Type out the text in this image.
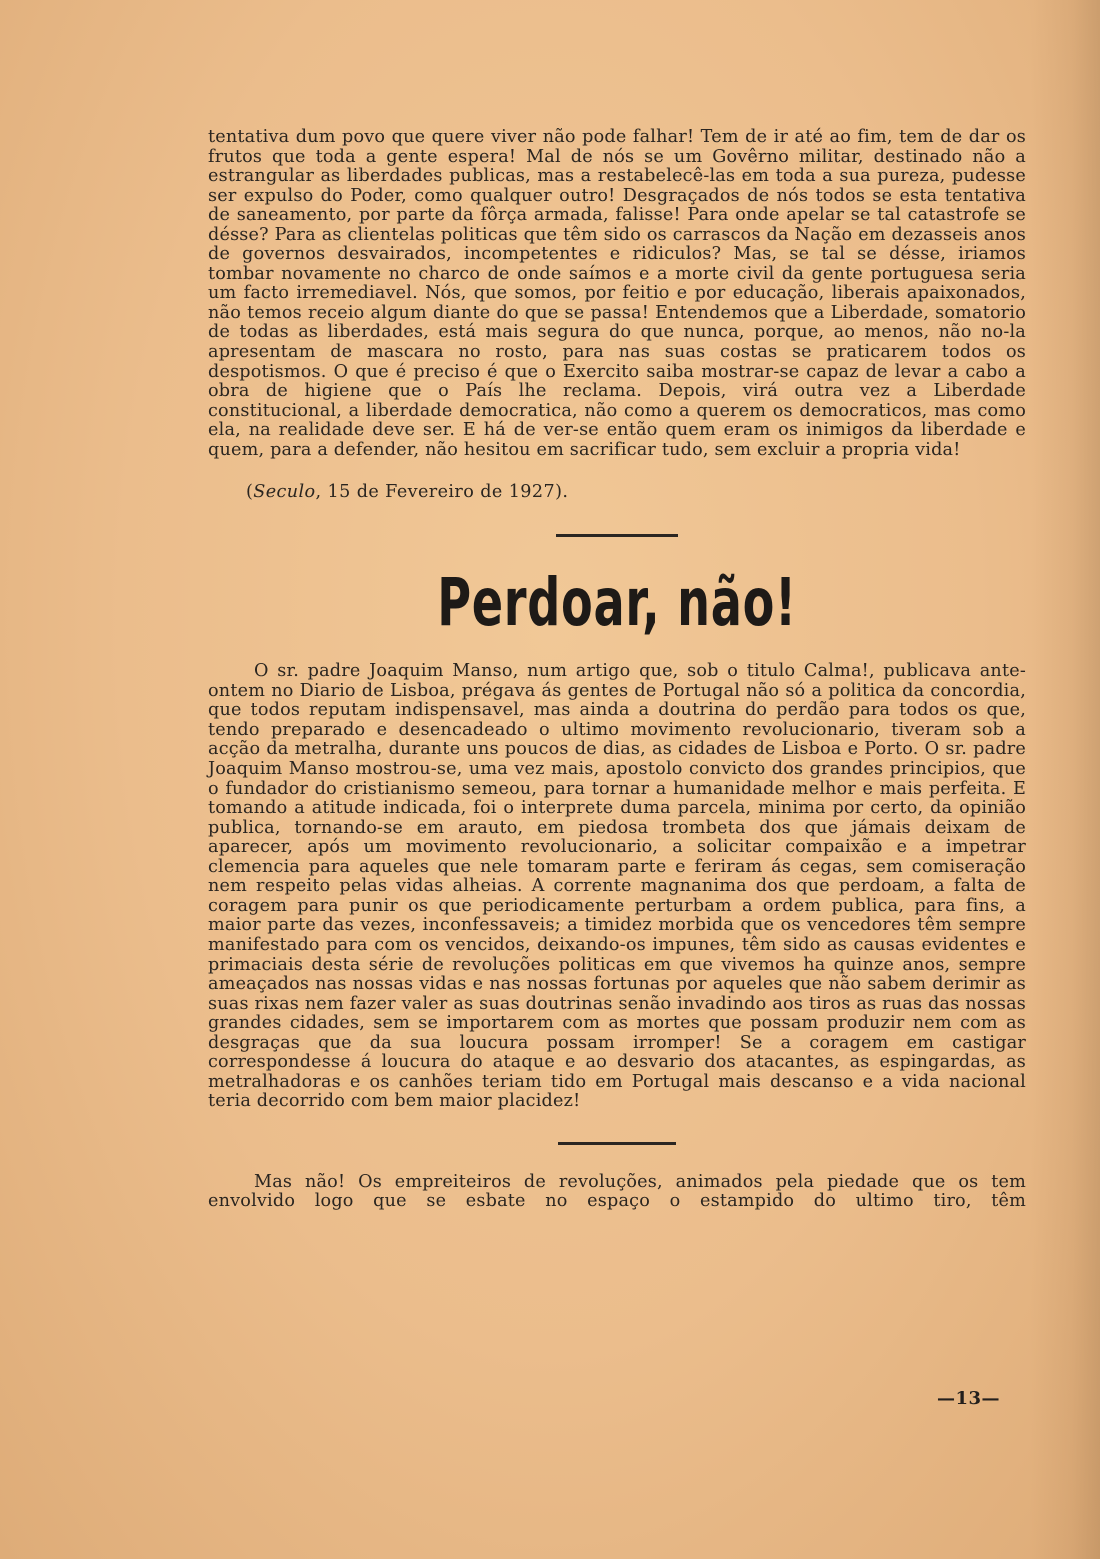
tentativa dum povo que quere viver não pode falhar! Tem de ir até ao fim, tem de dar os frutos que toda a gente espera! Mal de nós se um Govêrno militar, destinado não a estrangular as liberdades publicas, mas a restabelecê-las em toda a sua pureza, pudesse ser expulso do Poder, como qualquer outro! Desgraçados de nós todos se esta tentativa de saneamento, por parte da fôrça armada, falisse! Para onde apelar se tal catastrofe se désse? Para as clientelas politicas que têm sido os carrascos da Nação em dezasseis anos de governos desvairados, incompetentes e ridiculos? Mas, se tal se désse, iriamos tombar novamente no charco de onde saímos e a morte civil da gente portuguesa seria um facto irremediavel. Nós, que somos, por feitio e por educação, liberais apaixonados, não temos receio algum diante do que se passa! Entendemos que a Liberdade, somatorio de todas as liberdades, está mais segura do que nunca, porque, ao menos, não no-la apresentam de mascara no rosto, para nas suas costas se praticarem todos os despotismos. O que é preciso é que o Exercito saiba mostrar-se capaz de levar a cabo a obra de higiene que o País lhe reclama. Depois, virá outra vez a Liberdade constitucional, a liberdade democratica, não como a querem os democraticos, mas como ela, na realidade deve ser. E há de ver-se então quem eram os inimigos da liberdade e quem, para a defender, não hesitou em sacrificar tudo, sem excluir a propria vida!

(Seculo, 15 de Fevereiro de 1927).
Perdoar, não!

O sr. padre Joaquim Manso, num artigo que, sob o titulo Calma!, publicava ante-ontem no Diario de Lisboa, prégava ás gentes de Portugal não só a politica da concordia, que todos reputam indispensavel, mas ainda a doutrina do perdão para todos os que, tendo preparado e desencadeado o ultimo movimento revolucionario, tiveram sob a acção da metralha, durante uns poucos de dias, as cidades de Lisboa e Porto. O sr. padre Joaquim Manso mostrou-se, uma vez mais, apostolo convicto dos grandes principios, que o fundador do cristianismo semeou, para tornar a humanidade melhor e mais perfeita. E tomando a atitude indicada, foi o interprete duma parcela, minima por certo, da opinião publica, tornando-se em arauto, em piedosa trombeta dos que jámais deixam de aparecer, após um movimento revolucionario, a solicitar compaixão e a impetrar clemencia para aqueles que nele tomaram parte e feriram ás cegas, sem comiseração nem respeito pelas vidas alheias. A corrente magnanima dos que perdoam, a falta de coragem para punir os que periodicamente perturbam a ordem publica, para fins, a maior parte das vezes, inconfessaveis; a timidez morbida que os vencedores têm sempre manifestado para com os vencidos, deixando-os impunes, têm sido as causas evidentes e primaciais desta série de revoluções politicas em que vivemos ha quinze anos, sempre ameaçados nas nossas vidas e nas nossas fortunas por aqueles que não sabem derimir as suas rixas nem fazer valer as suas doutrinas senão invadindo aos tiros as ruas das nossas grandes cidades, sem se importarem com as mortes que possam produzir nem com as desgraças que da sua loucura possam irromper! Se a coragem em castigar correspondesse á loucura do ataque e ao desvario dos atacantes, as espingardas, as metralhadoras e os canhões teriam tido em Portugal mais descanso e a vida nacional teria decorrido com bem maior placidez!

Mas não! Os empreiteiros de revoluções, animados pela piedade que os tem envolvido logo que se esbate no espaço o estampido do ultimo tiro, têm

—13—
